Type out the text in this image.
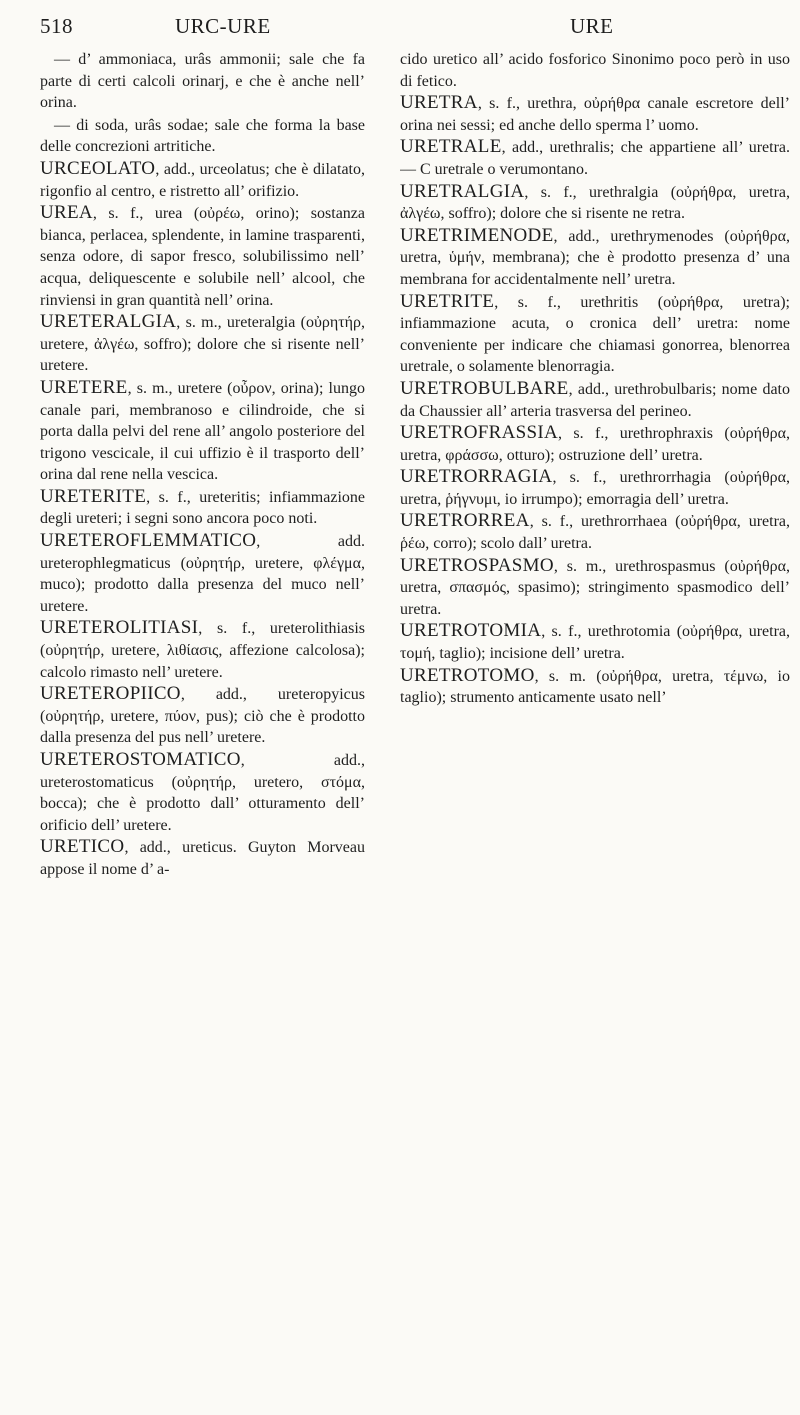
518	URC-URE	URE

— d’ ammoniaca, urâs ammonii; sale che fa parte di certi calcoli orinarj, e che è anche nell’ orina.

— di soda, urâs sodae; sale che forma la base delle concrezioni artritiche.

URCEOLATO, add., urceolatus; che è dilatato, rigonfio al centro, e ristretto all’ orifizio.

UREA, s. f., urea (οὐρέω, orino); sostanza bianca, perlacea, splendente, in lamine trasparenti, senza odore, di sapor fresco, solubilissimo nell’ acqua, deliquescente e solubile nell’ alcool, che rinviensi in gran quantità nell’ orina.

URETERALGIA, s. m., ureteralgia (οὐρητήρ, uretere, ἀλγέω, soffro); dolore che si risente nell’ uretere.

URETERE, s. m., uretere (οὖρον, orina); lungo canale pari, membranoso e cilindroide, che si porta dalla pelvi del rene all’ angolo posteriore del trigono vescicale, il cui uffizio è il trasporto dell’ orina dal rene nella vescica.

URETERITE, s. f., ureteritis; infiammazione degli ureteri; i segni sono ancora poco noti.

URETEROFLEMMATICO, add. ureterophlegmaticus (οὐρητήρ, uretere, φλέγμα, muco); prodotto dalla presenza del muco nell’ uretere.

URETEROLITIASI, s. f., ureterolithiasis (οὐρητήρ, uretere, λιθίασις, affezione calcolosa); calcolo rimasto nell’ uretere.

URETEROPIICO, add., ureteropyicus (οὐρητήρ, uretere, πύον, pus); ciò che è prodotto dalla presenza del pus nell’ uretere.

URETEROSTOMATICO, add., ureterostomaticus (οὐρητήρ, uretero, στόμα, bocca); che è prodotto dall’ otturamento dell’ orificio dell’ uretere.

URETICO, add., ureticus. Guyton Morveau appose il nome d’ a-

cido uretico all’ acido fosforico Sinonimo poco però in uso di fetico.

URETRA, s. f., urethra, οὐρήθρα canale escretore dell’ orina nei sessi; ed anche dello sperma l’ uomo.

URETRALE, add., urethralis; che appartiene all’ uretra. — C uretrale o verumontano.

URETRALGIA, s. f., urethralgia (οὐρήθρα, uretra, ἀλγέω, soffro); dolore che si risente ne retra.

URETRIMENODE, add., urethrymenodes (οὐρήθρα, uretra, ὑμήν, membrana); che è prodotto presenza d’ una membrana for accidentalmente nell’ uretra.

URETRITE, s. f., urethritis (οὐρήθρα, uretra); infiammazione acuta, o cronica dell’ uretra: nome conveniente per indicare che chiamasi gonorrea, blenorrea uretrale, o solamente blenorragia.

URETROBULBARE, add., urethrobulbaris; nome dato da Chaussier all’ arteria trasversa del perineo.

URETROFRASSIA, s. f., urethrophraxis (οὐρήθρα, uretra, φράσσω, otturo); ostruzione dell’ uretra.

URETRORRAGIA, s. f., urethrorrhagia (οὐρήθρα, uretra, ῥήγνυμι, io irrumpo); emorragia dell’ uretra.

URETRORREA, s. f., urethrorrhaea (οὐρήθρα, uretra, ῥέω, corro); scolo dall’ uretra.

URETROSPASMO, s. m., urethrospasmus (οὐρήθρα, uretra, σπασμός, spasimo); stringimento spasmodico dell’ uretra.

URETROTOMIA, s. f., urethrotomia (οὐρήθρα, uretra, τομή, taglio); incisione dell’ uretra.

URETROTOMO, s. m. (οὐρήθρα, uretra, τέμνω, io taglio); strumento anticamente usato nell’
